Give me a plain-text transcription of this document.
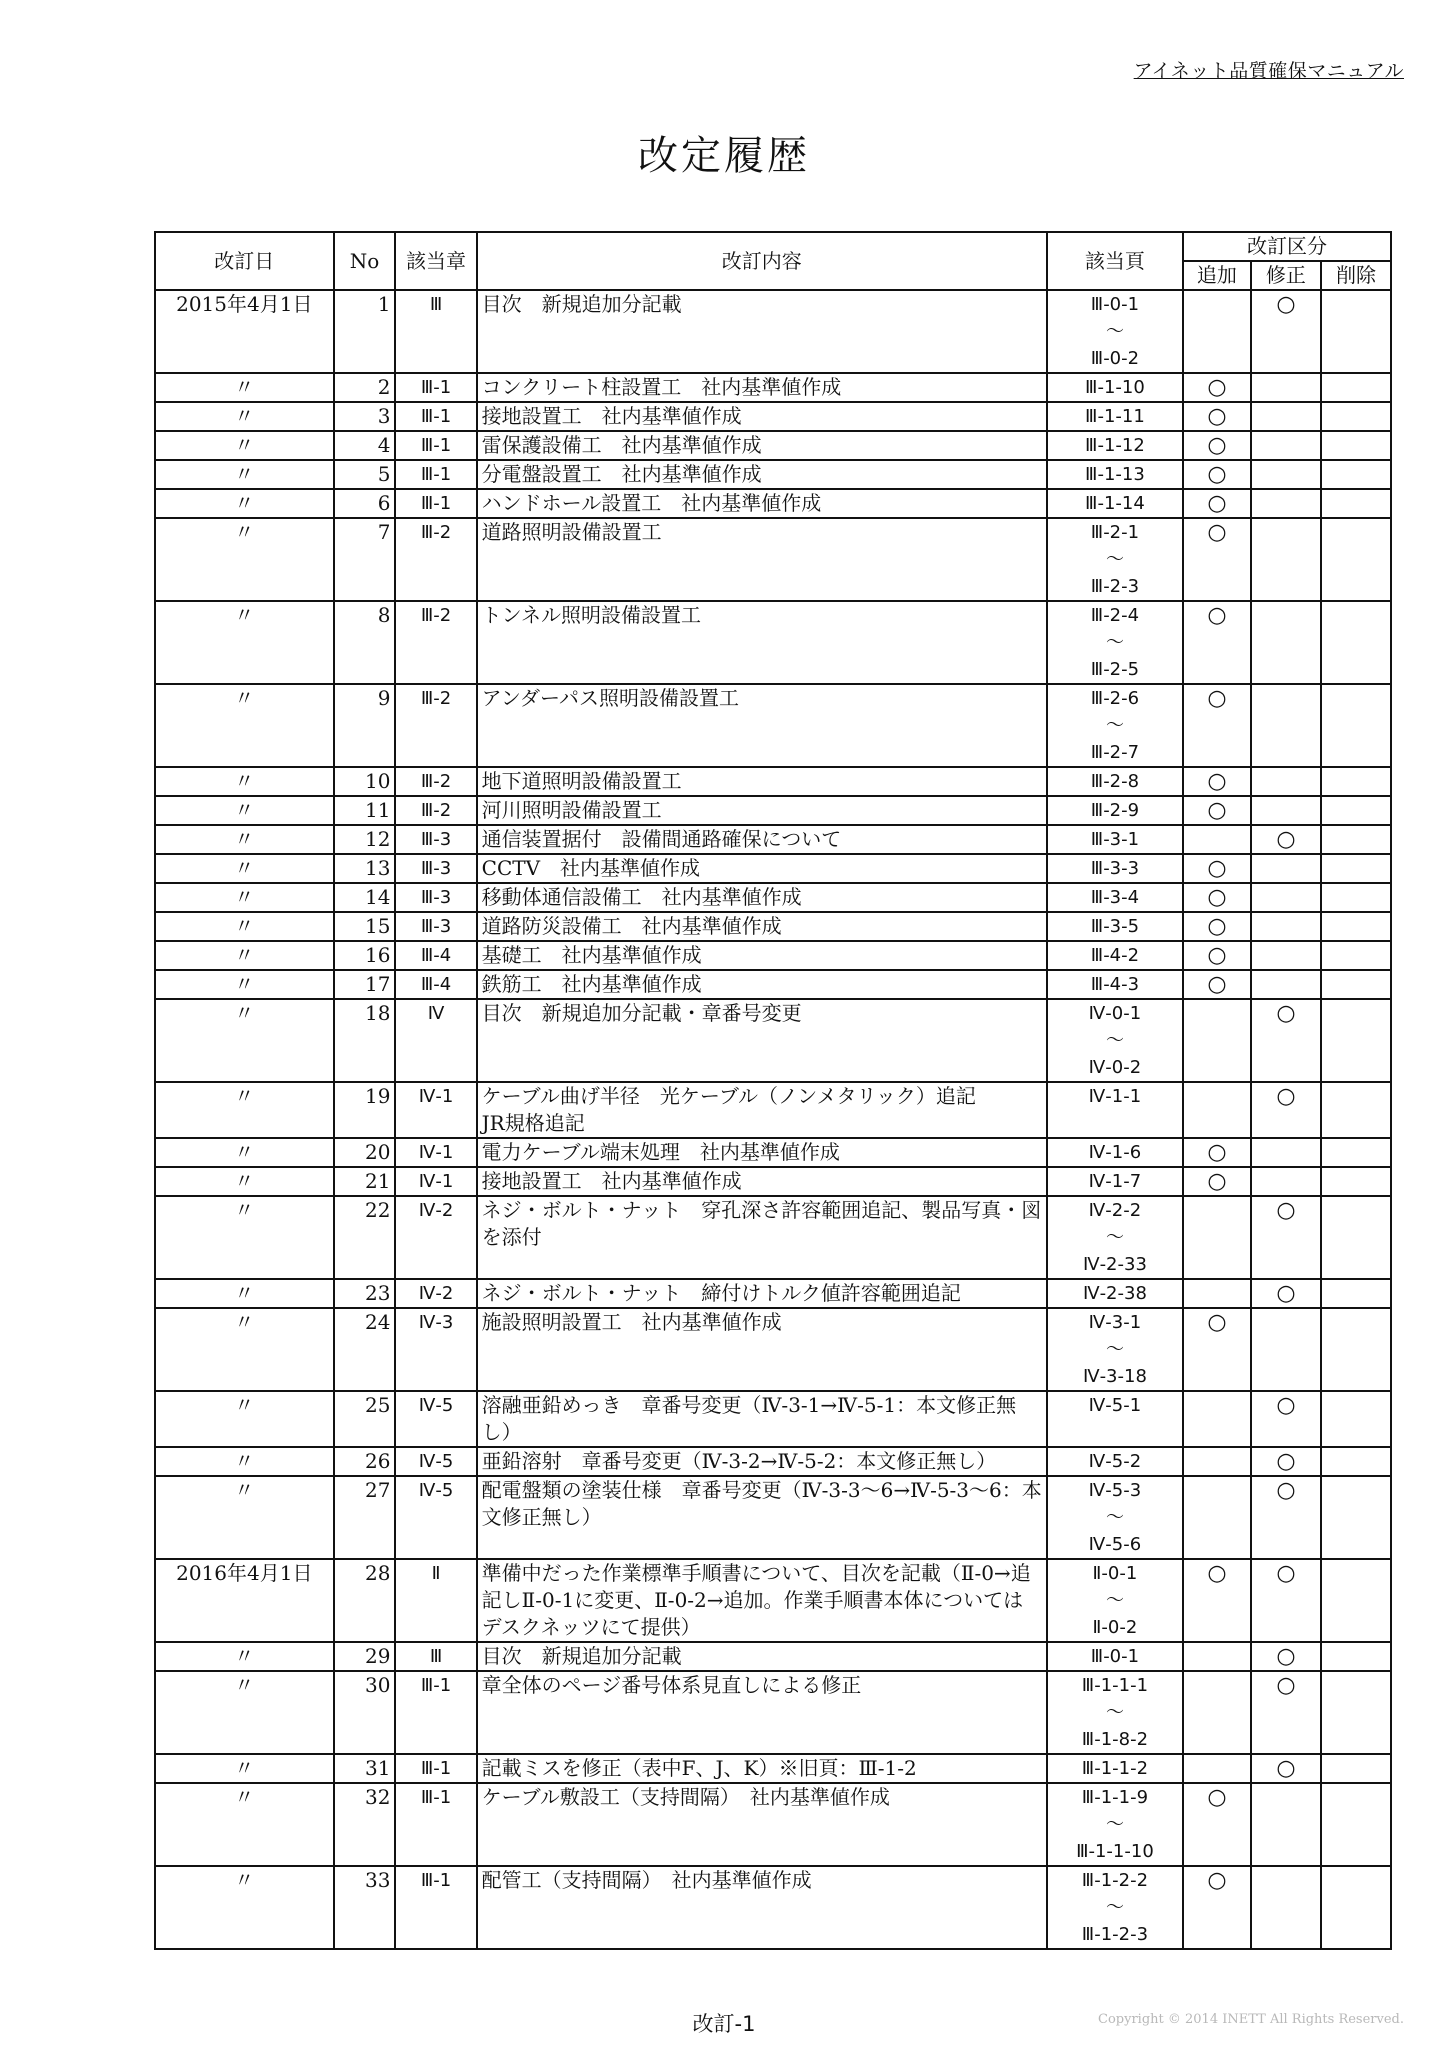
アイネット品質確保マニュアル
改定履歴
改訂日	No	該当章	改訂内容	該当頁	改訂区分		
					追加	修正	削除
2015年4月1日	1	Ⅲ	目次　新規追加分記載	Ⅲ-0-1
～
Ⅲ-0-2		○	
〃	2	Ⅲ-1	コンクリート柱設置工　社内基準値作成	Ⅲ-1-10	○		
〃	3	Ⅲ-1	接地設置工　社内基準値作成	Ⅲ-1-11	○		
〃	4	Ⅲ-1	雷保護設備工　社内基準値作成	Ⅲ-1-12	○		
〃	5	Ⅲ-1	分電盤設置工　社内基準値作成	Ⅲ-1-13	○		
〃	6	Ⅲ-1	ハンドホール設置工　社内基準値作成	Ⅲ-1-14	○		
〃	7	Ⅲ-2	道路照明設備設置工	Ⅲ-2-1
～
Ⅲ-2-3	○		
〃	8	Ⅲ-2	トンネル照明設備設置工	Ⅲ-2-4
～
Ⅲ-2-5	○		
〃	9	Ⅲ-2	アンダーパス照明設備設置工	Ⅲ-2-6
～
Ⅲ-2-7	○		
〃	10	Ⅲ-2	地下道照明設備設置工	Ⅲ-2-8	○		
〃	11	Ⅲ-2	河川照明設備設置工	Ⅲ-2-9	○		
〃	12	Ⅲ-3	通信装置据付　設備間通路確保について	Ⅲ-3-1		○	
〃	13	Ⅲ-3	CCTV　社内基準値作成	Ⅲ-3-3	○		
〃	14	Ⅲ-3	移動体通信設備工　社内基準値作成	Ⅲ-3-4	○		
〃	15	Ⅲ-3	道路防災設備工　社内基準値作成	Ⅲ-3-5	○		
〃	16	Ⅲ-4	基礎工　社内基準値作成	Ⅲ-4-2	○		
〃	17	Ⅲ-4	鉄筋工　社内基準値作成	Ⅲ-4-3	○		
〃	18	Ⅳ	目次　新規追加分記載・章番号変更	Ⅳ-0-1
～
Ⅳ-0-2		○	
〃	19	Ⅳ-1	ケーブル曲げ半径　光ケーブル（ノンメタリック）追記
JR規格追記	Ⅳ-1-1		○	
〃	20	Ⅳ-1	電力ケーブル端末処理　社内基準値作成	Ⅳ-1-6	○		
〃	21	Ⅳ-1	接地設置工　社内基準値作成	Ⅳ-1-7	○		
〃	22	Ⅳ-2	ネジ・ボルト・ナット　穿孔深さ許容範囲追記、製品写真・図を添付	Ⅳ-2-2
～
Ⅳ-2-33		○	
〃	23	Ⅳ-2	ネジ・ボルト・ナット　締付けトルク値許容範囲追記	Ⅳ-2-38		○	
〃	24	Ⅳ-3	施設照明設置工　社内基準値作成	Ⅳ-3-1
～
Ⅳ-3-18	○		
〃	25	Ⅳ-5	溶融亜鉛めっき　章番号変更（Ⅳ-3-1→Ⅳ-5-1：本文修正無し）	Ⅳ-5-1		○	
〃	26	Ⅳ-5	亜鉛溶射　章番号変更（Ⅳ-3-2→Ⅳ-5-2：本文修正無し）	Ⅳ-5-2		○	
〃	27	Ⅳ-5	配電盤類の塗装仕様　章番号変更（Ⅳ-3-3～6→Ⅳ-5-3～6：本文修正無し）	Ⅳ-5-3
～
Ⅳ-5-6		○	
2016年4月1日	28	Ⅱ	準備中だった作業標準手順書について、目次を記載（Ⅱ-0→追記しⅡ-0-1に変更、Ⅱ-0-2→追加。作業手順書本体についてはデスクネッツにて提供）	Ⅱ-0-1
～
Ⅱ-0-2	○	○	
〃	29	Ⅲ	目次　新規追加分記載	Ⅲ-0-1		○	
〃	30	Ⅲ-1	章全体のページ番号体系見直しによる修正	Ⅲ-1-1-1
～
Ⅲ-1-8-2		○	
〃	31	Ⅲ-1	記載ミスを修正（表中F、J、K）※旧頁：Ⅲ-1-2	Ⅲ-1-1-2		○	
〃	32	Ⅲ-1	ケーブル敷設工（支持間隔）　社内基準値作成	Ⅲ-1-1-9
～
Ⅲ-1-1-10	○		
〃	33	Ⅲ-1	配管工（支持間隔）　社内基準値作成	Ⅲ-1-2-2
～
Ⅲ-1-2-3	○		
改訂-1	Copyright © 2014 INETT All Rights Reserved.
